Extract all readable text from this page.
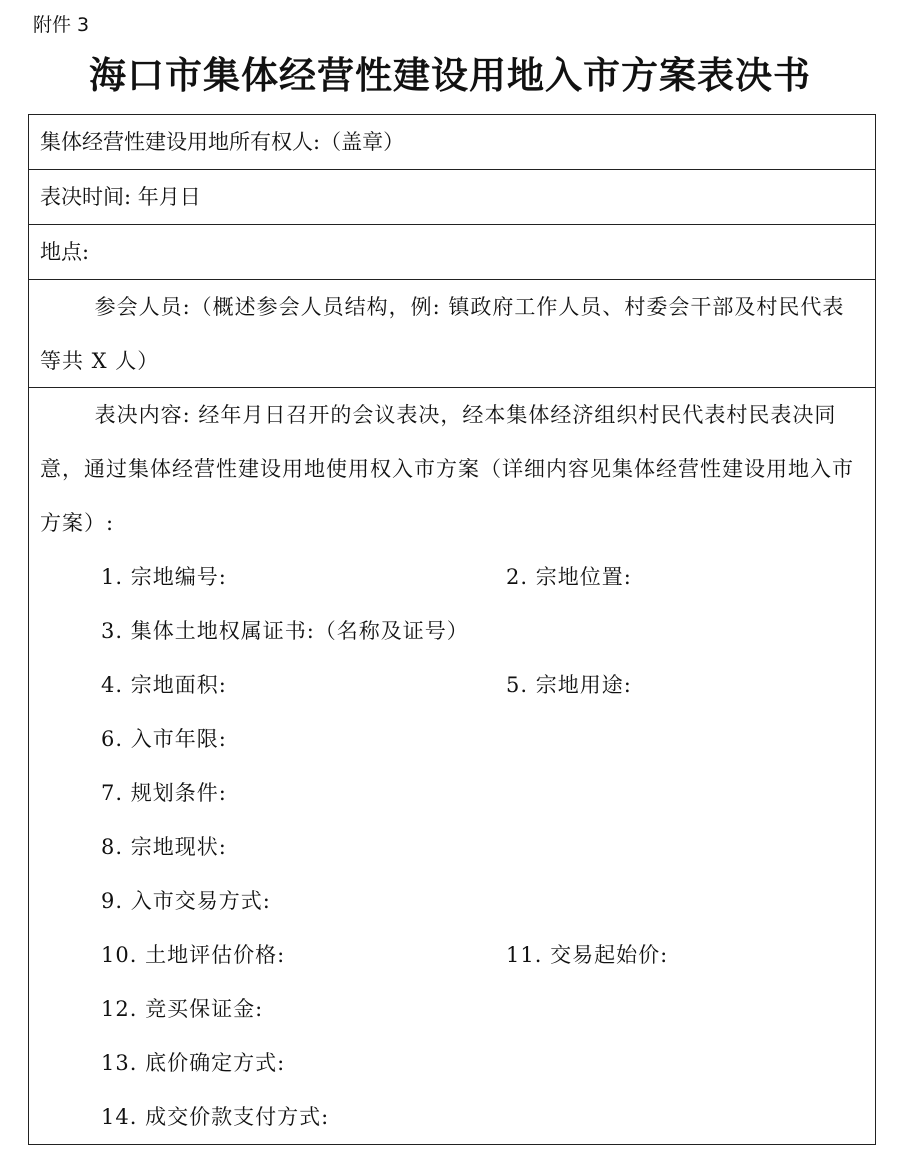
附件 3
海口市集体经营性建设用地入市方案表决书
集体经营性建设用地所有权人:（盖章）
表决时间: 年月日
地点:
参会人员:（概述参会人员结构，例: 镇政府工作人员、村委会干部及村民代表等共 X 人）
表决内容: 经年月日召开的会议表决，经本集体经济组织村民代表村民表决同意，通过集体经营性建设用地使用权入市方案（详细内容见集体经营性建设用地入市方案）:
1. 宗地编号:	2. 宗地位置:
3. 集体土地权属证书:（名称及证号）
4. 宗地面积:	5. 宗地用途:
6. 入市年限:
7. 规划条件:
8. 宗地现状:
9. 入市交易方式:
10. 土地评估价格:	11. 交易起始价:
12. 竞买保证金:
13. 底价确定方式:
14. 成交价款支付方式:
